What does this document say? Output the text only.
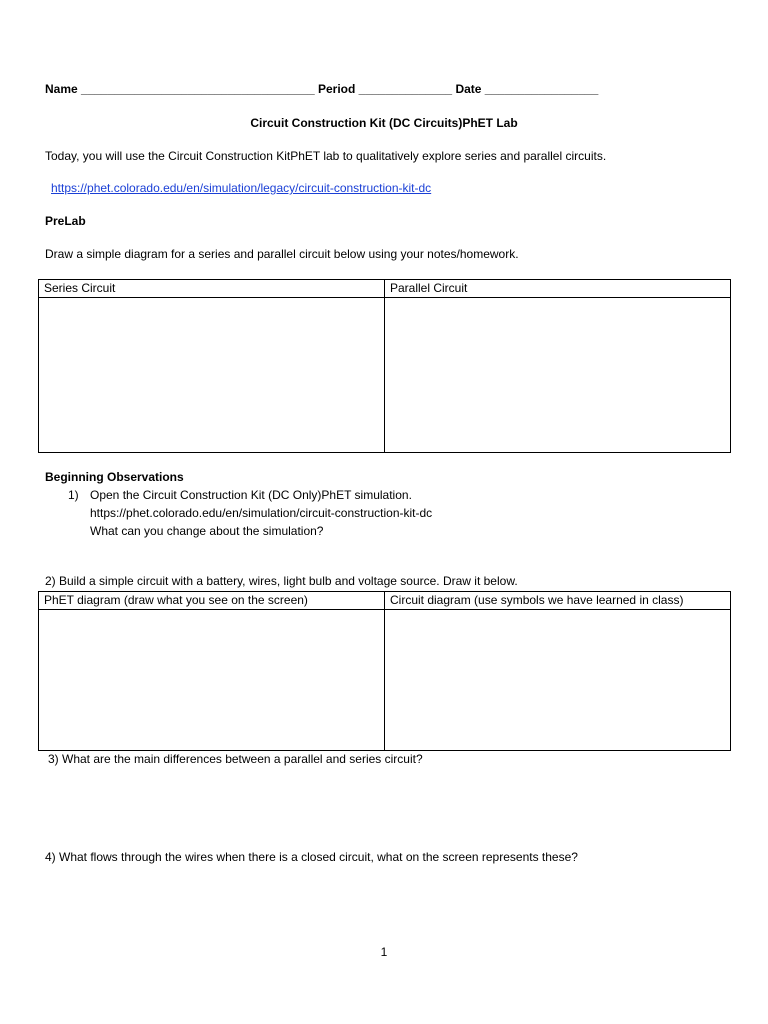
Name ___________________________________ Period ______________ Date _________________
Circuit Construction Kit (DC Circuits)PhET Lab
Today, you will use the Circuit Construction KitPhET lab to qualitatively explore series and parallel circuits.
https://phet.colorado.edu/en/simulation/legacy/circuit-construction-kit-dc
PreLab
Draw a simple diagram for a series and parallel circuit below using your notes/homework.
Series Circuit	Parallel Circuit

Beginning Observations
1) Open the Circuit Construction Kit (DC Only)PhET simulation.
https://phet.colorado.edu/en/simulation/circuit-construction-kit-dc
What can you change about the simulation?
2) Build a simple circuit with a battery, wires, light bulb and voltage source. Draw it below.
PhET diagram (draw what you see on the screen)	Circuit diagram (use symbols we have learned in class)

3) What are the main differences between a parallel and series circuit?
4) What flows through the wires when there is a closed circuit, what on the screen represents these?
1
